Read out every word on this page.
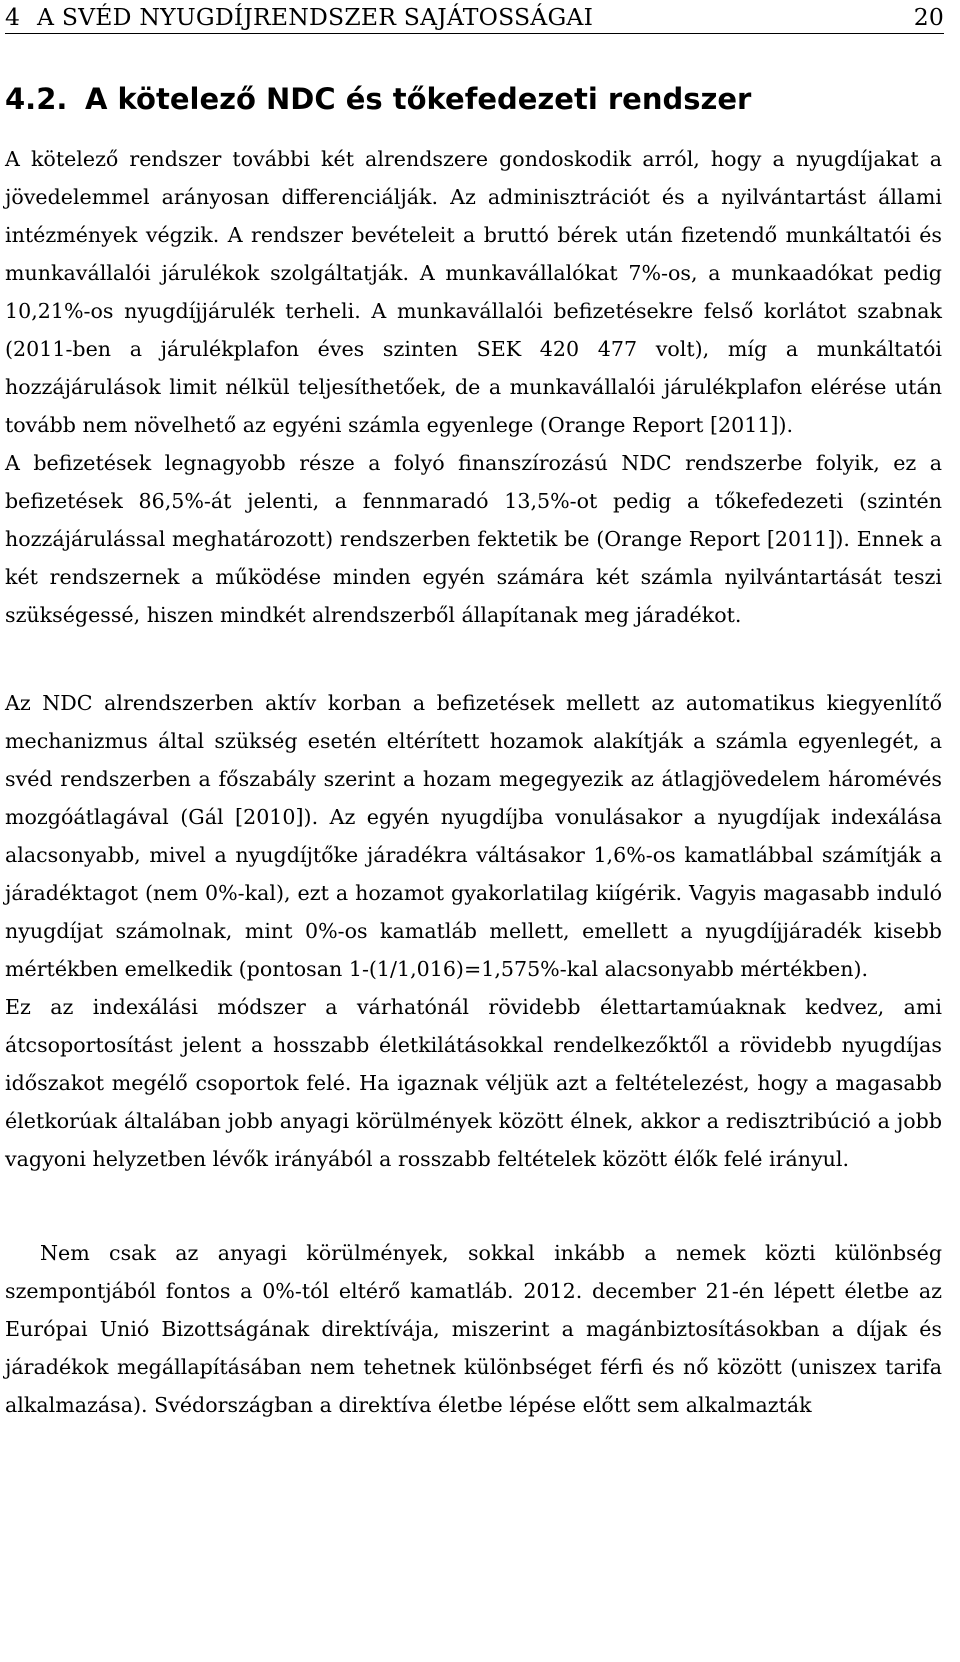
4 A SVÉD NYUGDÍJRENDSZER SAJÁTOSSÁGAI	20
4.2. A kötelező NDC és tőkefedezeti rendszer

A kötelező rendszer további két alrendszere gondoskodik arról, hogy a nyugdíjakat a jövedelemmel arányosan differenciálják. Az adminisztrációt és a nyilvántartást állami intézmények végzik. A rendszer bevételeit a bruttó bérek után fizetendő munkáltatói és munkavállalói járulékok szolgáltatják. A munkavállalókat 7%-os, a munkaadókat pedig 10,21%-os nyugdíjjárulék terheli. A munkavállalói befizetésekre felső korlátot szabnak (2011-ben a járulékplafon éves szinten SEK 420 477 volt), míg a munkáltatói hozzájárulások limit nélkül teljesíthetőek, de a munkavállalói járulékplafon elérése után tovább nem növelhető az egyéni számla egyenlege (Orange Report [2011]).

A befizetések legnagyobb része a folyó finanszírozású NDC rendszerbe folyik, ez a befizetések 86,5%-át jelenti, a fennmaradó 13,5%-ot pedig a tőkefedezeti (szintén hozzájárulással meghatározott) rendszerben fektetik be (Orange Report [2011]). Ennek a két rendszernek a működése minden egyén számára két számla nyilvántartását teszi szükségessé, hiszen mindkét alrendszerből állapítanak meg járadékot.

Az NDC alrendszerben aktív korban a befizetések mellett az automatikus kiegyenlítő mechanizmus által szükség esetén eltérített hozamok alakítják a számla egyenlegét, a svéd rendszerben a főszabály szerint a hozam megegyezik az átlagjövedelem háromévés mozgóátlagával (Gál [2010]). Az egyén nyugdíjba vonulásakor a nyugdíjak indexálása alacsonyabb, mivel a nyugdíjtőke járadékra váltásakor 1,6%-os kamatlábbal számítják a járadéktagot (nem 0%-kal), ezt a hozamot gyakorlatilag kiígérik. Vagyis magasabb induló nyugdíjat számolnak, mint 0%-os kamatláb mellett, emellett a nyugdíjjáradék kisebb mértékben emelkedik (pontosan 1-(1/1,016)=1,575%-kal alacsonyabb mértékben).

Ez az indexálási módszer a várhatónál rövidebb élettartamúaknak kedvez, ami átcsoportosítást jelent a hosszabb életkilátásokkal rendelkezőktől a rövidebb nyugdíjas időszakot megélő csoportok felé. Ha igaznak véljük azt a feltételezést, hogy a magasabb életkorúak általában jobb anyagi körülmények között élnek, akkor a redisztribúció a jobb vagyoni helyzetben lévők irányából a rosszabb feltételek között élők felé irányul.

Nem csak az anyagi körülmények, sokkal inkább a nemek közti különbség szempontjából fontos a 0%-tól eltérő kamatláb. 2012. december 21-én lépett életbe az Európai Unió Bizottságának direktívája, miszerint a magánbiztosításokban a díjak és járadékok megállapításában nem tehetnek különbséget férfi és nő között (uniszex tarifa alkalmazása). Svédországban a direktíva életbe lépése előtt sem alkalmazták
